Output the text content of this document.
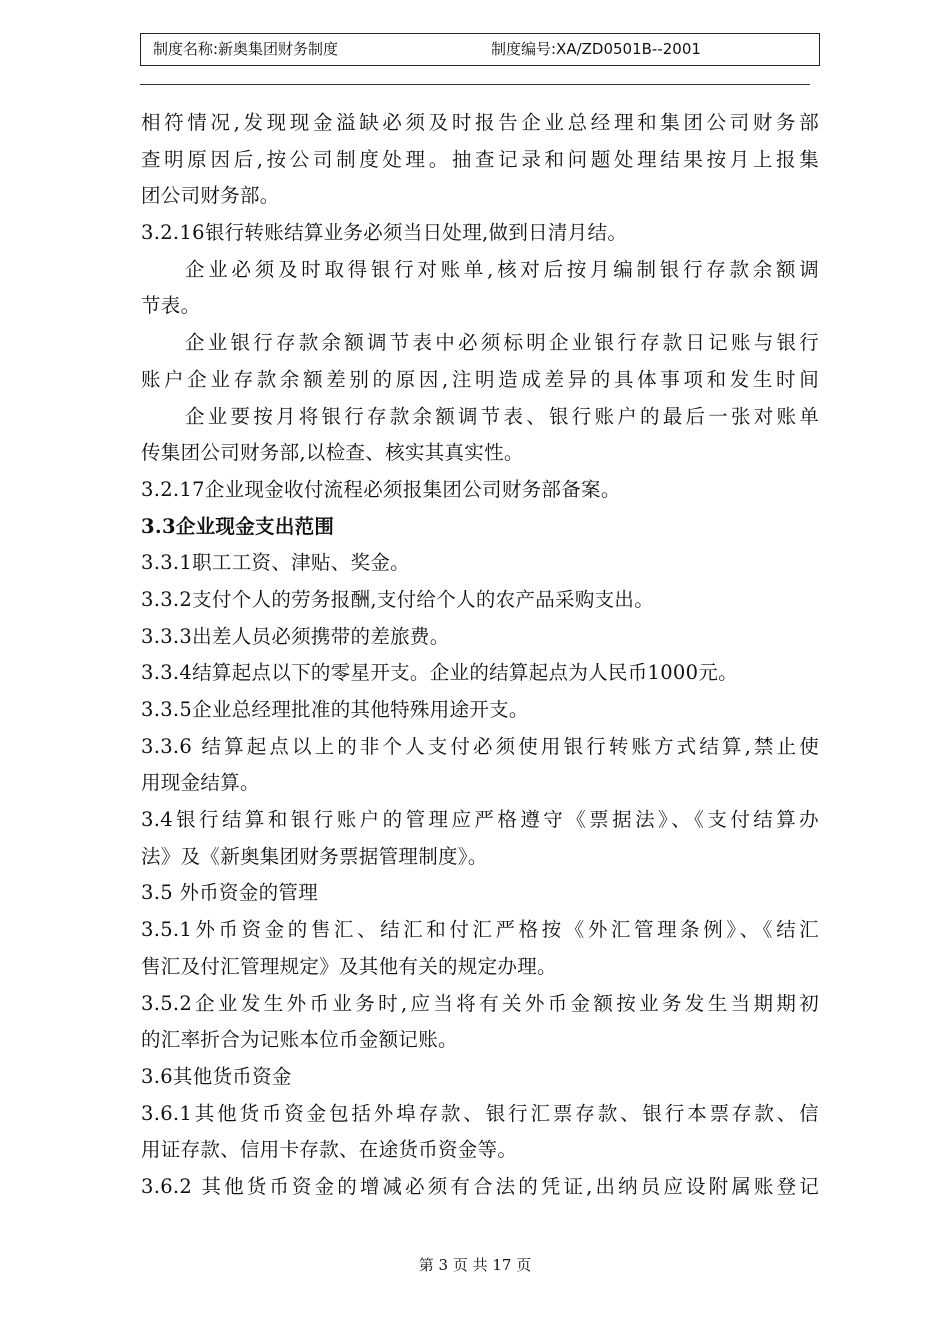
制度名称:新奥集团财务制度	制度编号:XA/ZD0501B--2001
相符情况,发现现金溢缺必须及时报告企业总经理和集团公司财务部
查明原因后,按公司制度处理。抽查记录和问题处理结果按月上报集
团公司财务部。
3.2.16银行转账结算业务必须当日处理,做到日清月结。
企业必须及时取得银行对账单,核对后按月编制银行存款余额调
节表。
企业银行存款余额调节表中必须标明企业银行存款日记账与银行
账户企业存款余额差别的原因,注明造成差异的具体事项和发生时间
企业要按月将银行存款余额调节表、银行账户的最后一张对账单
传集团公司财务部,以检查、核实其真实性。
3.2.17企业现金收付流程必须报集团公司财务部备案。
3.3企业现金支出范围
3.3.1职工工资、津贴、奖金。
3.3.2支付个人的劳务报酬,支付给个人的农产品采购支出。
3.3.3出差人员必须携带的差旅费。
3.3.4结算起点以下的零星开支。企业的结算起点为人民币1000元。
3.3.5企业总经理批准的其他特殊用途开支。
3.3.6 结算起点以上的非个人支付必须使用银行转账方式结算,禁止使
用现金结算。
3.4银行结算和银行账户的管理应严格遵守《票据法》、《支付结算办
法》及《新奥集团财务票据管理制度》。
3.5 外币资金的管理
3.5.1外币资金的售汇、结汇和付汇严格按《外汇管理条例》、《结汇
售汇及付汇管理规定》及其他有关的规定办理。
3.5.2企业发生外币业务时,应当将有关外币金额按业务发生当期期初
的汇率折合为记账本位币金额记账。
3.6其他货币资金
3.6.1其他货币资金包括外埠存款、银行汇票存款、银行本票存款、信
用证存款、信用卡存款、在途货币资金等。
3.6.2 其他货币资金的增减必须有合法的凭证,出纳员应设附属账登记
第 3 页 共 17 页
